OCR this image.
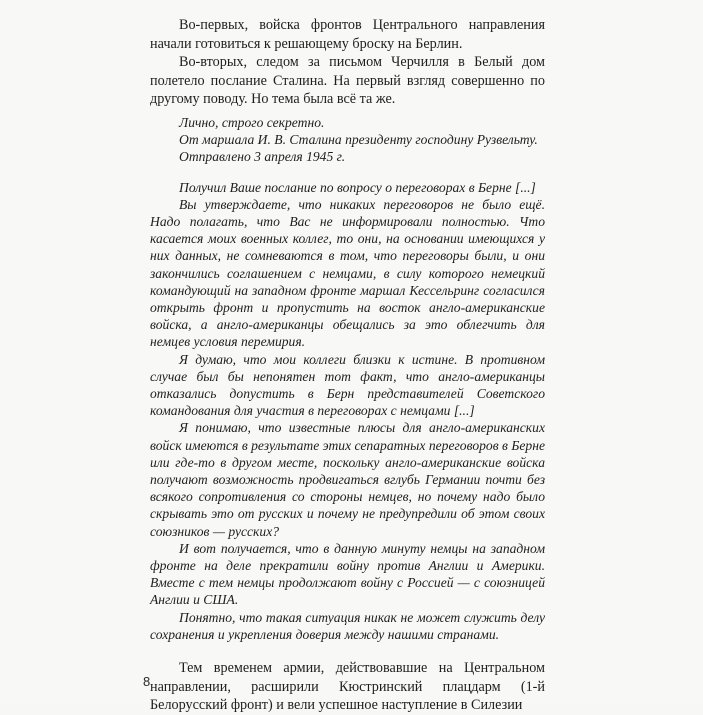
Во-первых, войска фронтов Центрального направления начали готовиться к решающему броску на Берлин.

Во-вторых, следом за письмом Черчилля в Белый дом полетело послание Сталина. На первый взгляд совершенно по другому поводу. Но тема была всё та же.

Лично, строго секретно.

От маршала И. В. Сталина президенту господину Рузвельту.

Отправлено 3 апреля 1945 г.

Получил Ваше послание по вопросу о переговорах в Берне [...]

Вы утверждаете, что никаких переговоров не было ещё. Надо полагать, что Вас не информировали полностью. Что касается моих военных коллег, то они, на основании имеющихся у них данных, не сомневаются в том, что переговоры были, и они закончились соглашением с немцами, в силу которого немецкий командующий на западном фронте маршал Кессельринг согласился открыть фронт и пропустить на восток англо-американские войска, а англо-американцы обещались за это облегчить для немцев условия перемирия.

Я думаю, что мои коллеги близки к истине. В противном случае был бы непонятен тот факт, что англо-американцы отказались допустить в Берн представителей Советского командования для участия в переговорах с немцами [...]

Я понимаю, что известные плюсы для англо-американских войск имеются в результате этих сепаратных переговоров в Берне или где-то в другом месте, поскольку англо-американские войска получают возможность продвигаться вглубь Германии почти без всякого сопротивления со стороны немцев, но почему надо было скрывать это от русских и почему не предупредили об этом своих союзников — русских?

И вот получается, что в данную минуту немцы на западном фронте на деле прекратили войну против Англии и Америки. Вместе с тем немцы продолжают войну с Россией — с союзницей Англии и США.

Понятно, что такая ситуация никак не может служить делу сохранения и укрепления доверия между нашими странами.

Тем временем армии, действовавшие на Центральном направлении, расширили Кюстринский плацдарм (1-й Белорусский фронт) и вели успешное наступление в Силезии

8
